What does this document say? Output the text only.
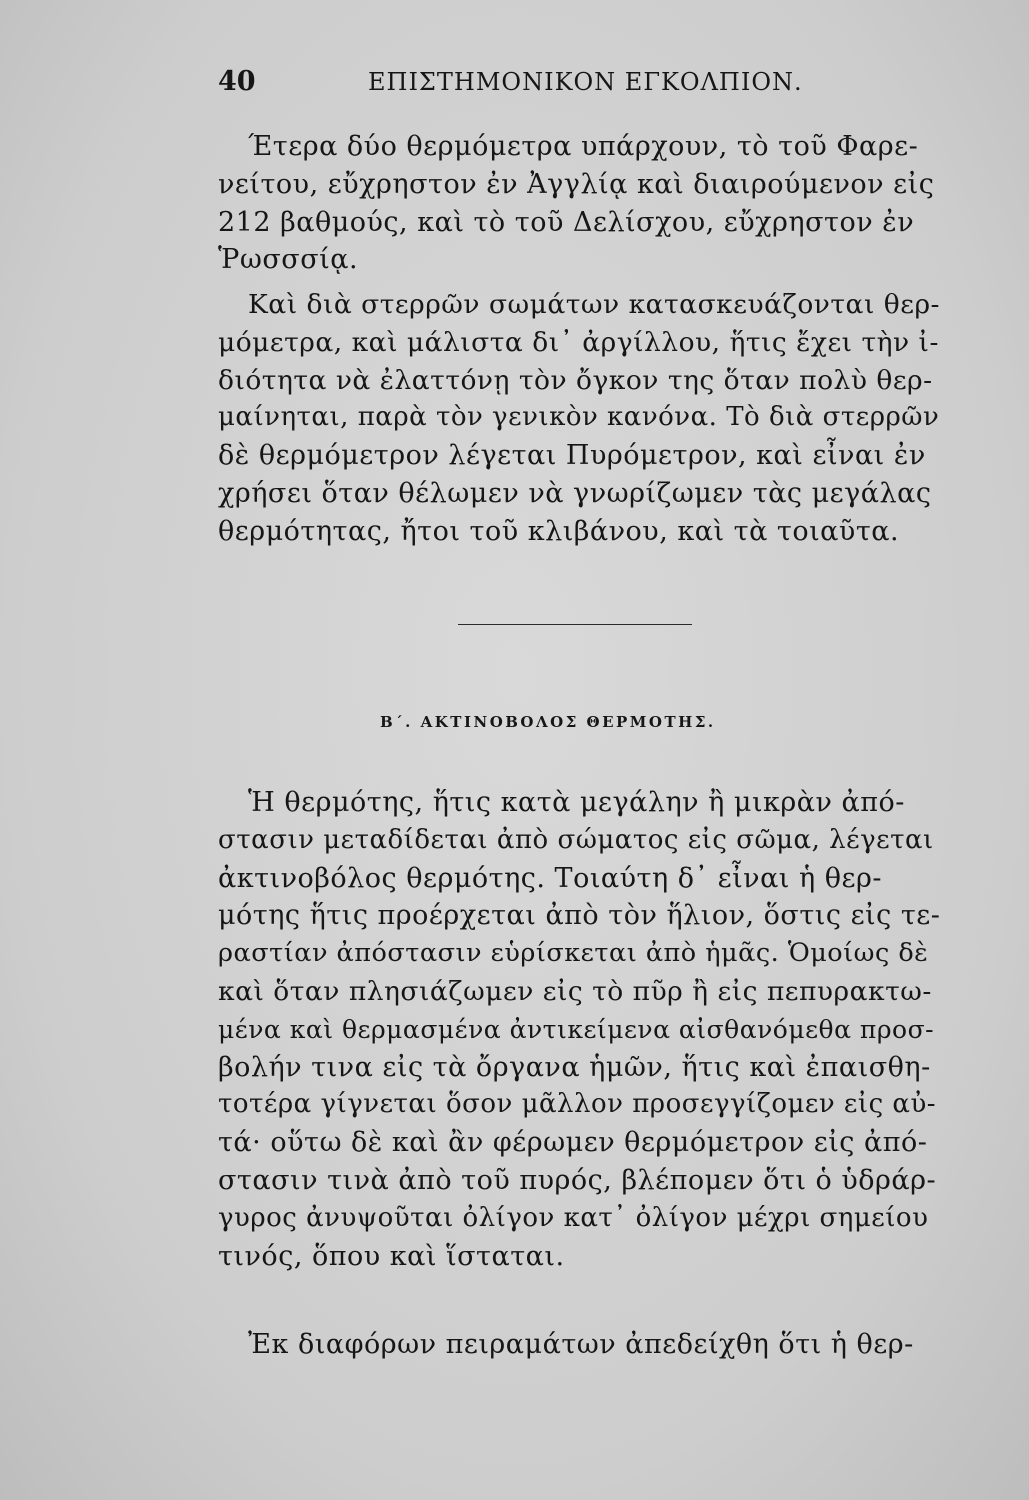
40	ΕΠΙΣΤΗΜΟΝΙΚΟΝ ΕΓΚΟΛΠΙΟΝ.
Έτερα δύο θερμόμετρα υπάρχουν, τὸ τοῦ Φαρε-
νείτου, εὔχρηστον ἐν Ἀγγλίᾳ καὶ διαιρούμενον εἰς
212 βαθμούς, καὶ τὸ τοῦ Δελίσχου, εὔχρηστον ἐν
Ῥωσσσίᾳ.
Καὶ διὰ στερρῶν σωμάτων κατασκευάζονται θερ-
μόμετρα, καὶ μάλιστα δι᾿ ἀργίλλου, ἥτις ἔχει τὴν ἰ-
διότητα νὰ ἐλαττόνῃ τὸν ὄγκον της ὅταν πολὺ θερ-
μαίνηται, παρὰ τὸν γενικὸν κανόνα. Τὸ διὰ στερρῶν
δὲ θερμόμετρον λέγεται Πυρόμετρον, καὶ εἶναι ἐν
χρήσει ὅταν θέλωμεν νὰ γνωρίζωμεν τὰς μεγάλας
θερμότητας, ἤτοι τοῦ κλιβάνου, καὶ τὰ τοιαῦτα.
Β΄. ΑΚΤΙΝΟΒΟΛΟΣ ΘΕΡΜΟΤΗΣ.
Ἡ θερμότης, ἥτις κατὰ μεγάλην ἢ μικρὰν ἀπό-
στασιν μεταδίδεται ἀπὸ σώματος εἰς σῶμα, λέγεται
ἀκτινοβόλος θερμότης. Τοιαύτη δ᾿ εἶναι ἡ θερ-
μότης ἥτις προέρχεται ἀπὸ τὸν ἥλιον, ὅστις εἰς τε-
ραστίαν ἀπόστασιν εὑρίσκεται ἀπὸ ἡμᾶς. Ὁμοίως δὲ
καὶ ὅταν πλησιάζωμεν εἰς τὸ πῦρ ἢ εἰς πεπυρακτω-
μένα καὶ θερμασμένα ἀντικείμενα αἰσθανόμεθα προσ-
βολήν τινα εἰς τὰ ὄργανα ἡμῶν, ἥτις καὶ ἐπαισθη-
τοτέρα γίγνεται ὅσον μᾶλλον προσεγγίζομεν εἰς αὐ-
τά· οὕτω δὲ καὶ ἂν φέρωμεν θερμόμετρον εἰς ἀπό-
στασιν τινὰ ἀπὸ τοῦ πυρός, βλέπομεν ὅτι ὁ ὑδράρ-
γυρος ἀνυψοῦται ὀλίγον κατ᾿ ὀλίγον μέχρι σημείου
τινός, ὅπου καὶ ἵσταται.
Ἐκ διαφόρων πειραμάτων ἀπεδείχθη ὅτι ἡ θερ-
